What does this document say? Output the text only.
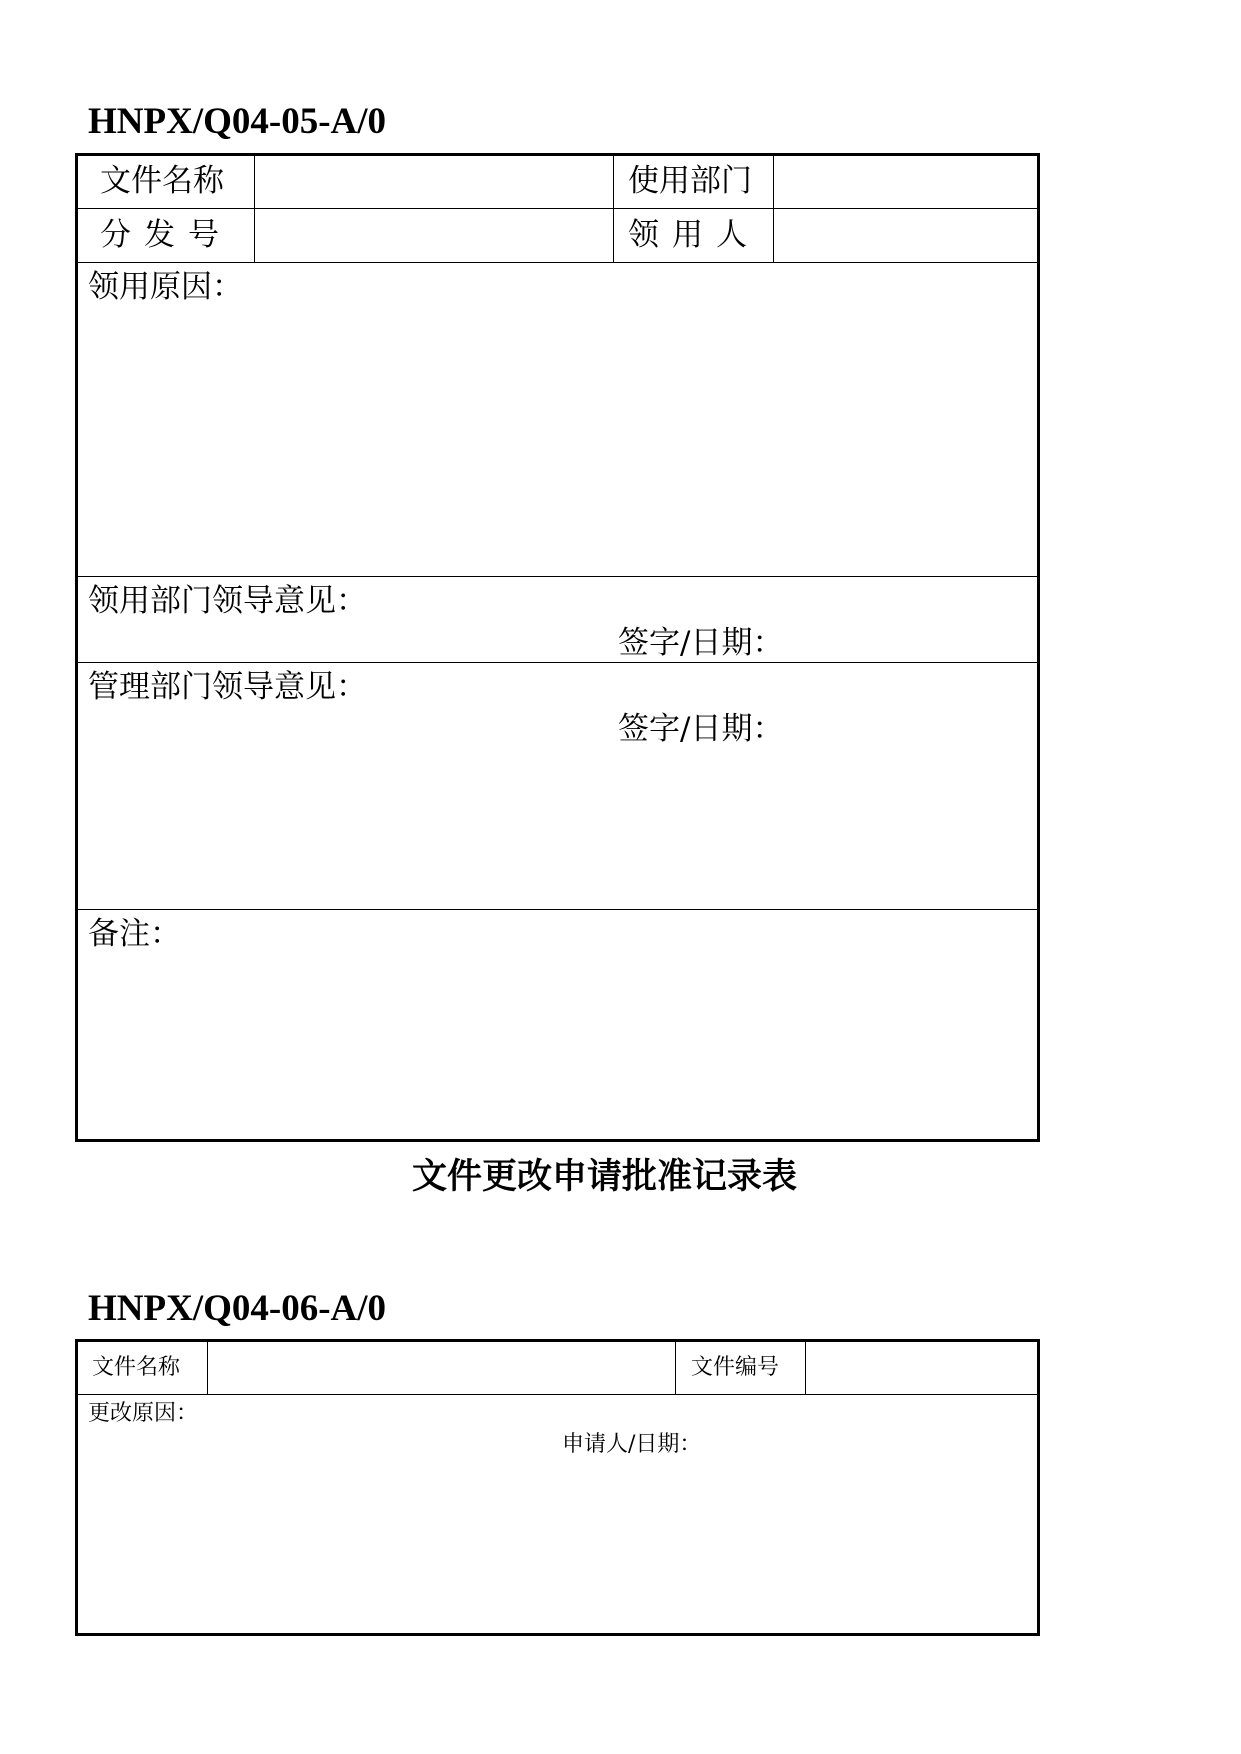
HNPX/Q04-05-A/0
文件名称	使用部门
分发号	领用人
领用原因：
领用部门领导意见：
签字/日期：
管理部门领导意见：
签字/日期：
备注：
文件更改申请批准记录表
HNPX/Q04-06-A/0
文件名称	文件编号
更改原因：
申请人/日期：
